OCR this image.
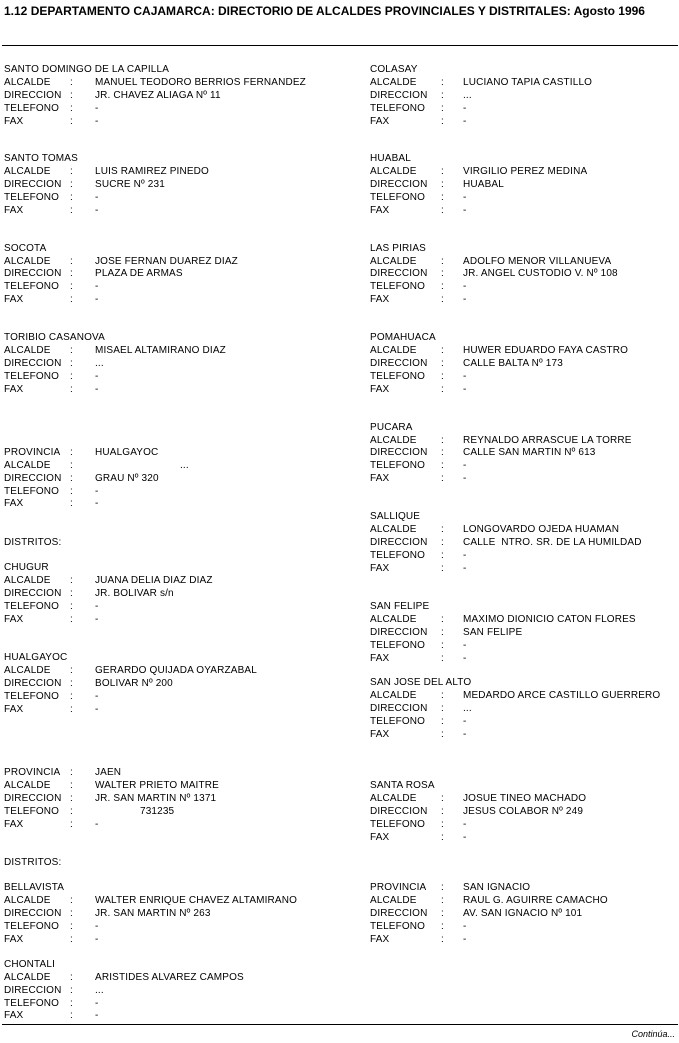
1.12 DEPARTAMENTO CAJAMARCA: DIRECTORIO DE ALCALDES PROVINCIALES Y DISTRITALES: Agosto 1996
SANTO DOMINGO DE LA CAPILLA
ALCALDE : MANUEL TEODORO BERRIOS FERNANDEZ
DIRECCION : JR. CHAVEZ ALIAGA Nº 11
TELEFONO : -
FAX	: -
SANTO TOMAS
ALCALDE : LUIS RAMIREZ PINEDO
DIRECCION : SUCRE Nº 231
TELEFONO : -
FAX	: -
SOCOTA
ALCALDE : JOSE FERNAN DUAREZ DIAZ
DIRECCION : PLAZA DE ARMAS
TELEFONO : -
FAX	: -
TORIBIO CASANOVA
ALCALDE : MISAEL ALTAMIRANO DIAZ
DIRECCION : ...
TELEFONO : -
FAX	: -
PROVINCIA : HUALGAYOC
ALCALDE :	...
DIRECCION : GRAU Nº 320
TELEFONO : -
FAX	: -
DISTRITOS:
CHUGUR
ALCALDE : JUANA DELIA DIAZ DIAZ
DIRECCION : JR. BOLIVAR s/n
TELEFONO : -
FAX	: -
HUALGAYOC
ALCALDE : GERARDO QUIJADA OYARZABAL
DIRECCION : BOLIVAR Nº 200
TELEFONO : -
FAX	: -
PROVINCIA : JAEN
ALCALDE : WALTER PRIETO MAITRE
DIRECCION : JR. SAN MARTIN Nº 1371
TELEFONO :	731235
FAX	: -
DISTRITOS:
BELLAVISTA
ALCALDE : WALTER ENRIQUE CHAVEZ ALTAMIRANO
DIRECCION : JR. SAN MARTIN Nº 263
TELEFONO : -
FAX	: -
CHONTALI
ALCALDE : ARISTIDES ALVAREZ CAMPOS
DIRECCION : ...
TELEFONO : -
FAX	: -
COLASAY
ALCALDE : LUCIANO TAPIA CASTILLO
DIRECCION : ...
TELEFONO : -
FAX	: -
HUABAL
ALCALDE : VIRGILIO PEREZ MEDINA
DIRECCION : HUABAL
TELEFONO : -
FAX	: -
LAS PIRIAS
ALCALDE : ADOLFO MENOR VILLANUEVA
DIRECCION : JR. ANGEL CUSTODIO V. Nº 108
TELEFONO : -
FAX	: -
POMAHUACA
ALCALDE : HUWER EDUARDO FAYA CASTRO
DIRECCION : CALLE BALTA Nº 173
TELEFONO : -
FAX	: -
PUCARA
ALCALDE : REYNALDO ARRASCUE LA TORRE
DIRECCION : CALLE SAN MARTIN Nº 613
TELEFONO : -
FAX	: -
SALLIQUE
ALCALDE : LONGOVARDO OJEDA HUAMAN
DIRECCION : CALLE  NTRO. SR. DE LA HUMILDAD
TELEFONO : -
FAX	: -
SAN FELIPE
ALCALDE : MAXIMO DIONICIO CATON FLORES
DIRECCION : SAN FELIPE
TELEFONO : -
FAX	: -
SAN JOSE DEL ALTO
ALCALDE : MEDARDO ARCE CASTILLO GUERRERO
DIRECCION : ...
TELEFONO : -
FAX	: -
SANTA ROSA
ALCALDE : JOSUE TINEO MACHADO
DIRECCION : JESUS COLABOR Nº 249
TELEFONO : -
FAX	: -
PROVINCIA : SAN IGNACIO
ALCALDE : RAUL G. AGUIRRE CAMACHO
DIRECCION : AV. SAN IGNACIO Nº 101
TELEFONO : -
FAX	: -
Continúa...
